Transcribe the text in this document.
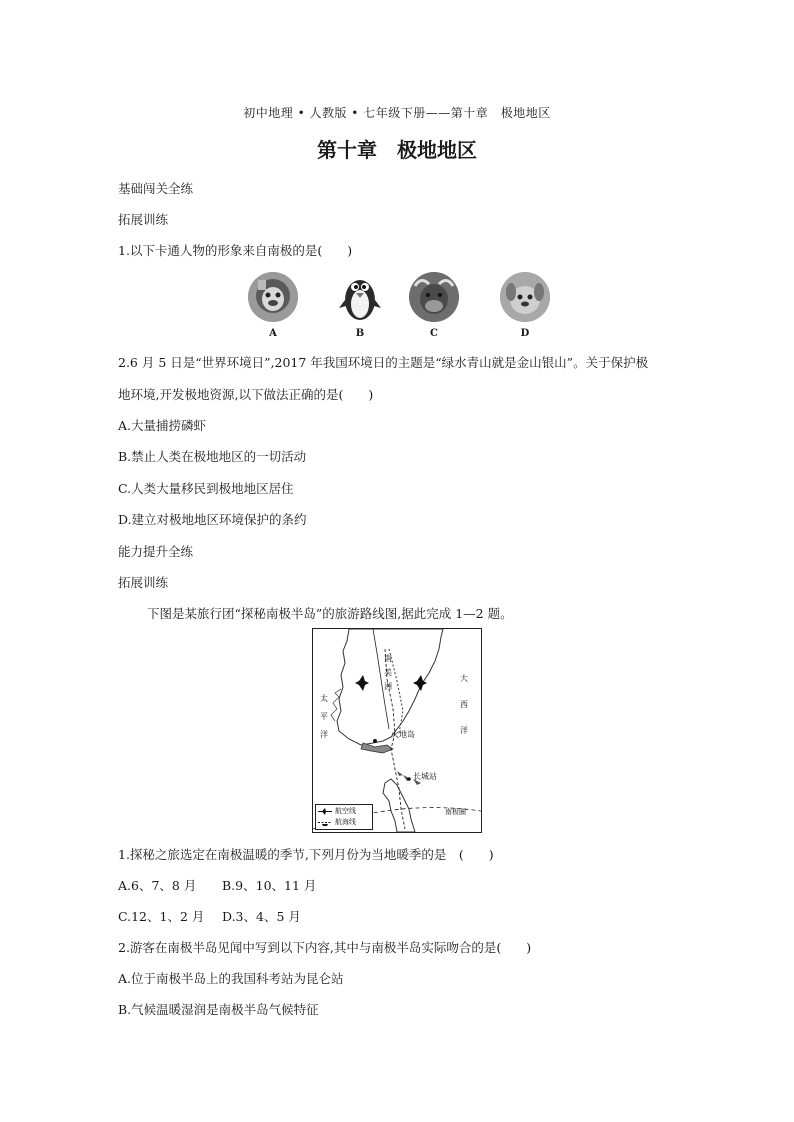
初中地理 • 人教版 • 七年级下册——第十章　极地地区
第十章　极地地区
基础闯关全练
拓展训练
1.以下卡通人物的形象来自南极的是(　　)
A	B	C	D
2.6 月 5 日是“世界环境日”,2017 年我国环境日的主题是“绿水青山就是金山银山”。关于保护极
地环境,开发极地资源,以下做法正确的是(　　)
A.大量捕捞磷虾
B.禁止人类在极地地区的一切活动
C.人类大量移民到极地地区居住
D.建立对极地地区环境保护的条约
能力提升全练
拓展训练
下图是某旅行团“探秘南极半岛”的旅游路线图,据此完成 1—2 题。
南
美
洲
太
平
洋
大
西
洋
火地岛
长城站
南极圈
航空线
航海线
1.探秘之旅选定在南极温暖的季节,下列月份为当地暖季的是　(　　)
A.6、7、8 月 B.9、10、11 月
C.12、1、2 月 D.3、4、5 月
2.游客在南极半岛见闻中写到以下内容,其中与南极半岛实际吻合的是(　　)
A.位于南极半岛上的我国科考站为昆仑站
B.气候温暖湿润是南极半岛气候特征
